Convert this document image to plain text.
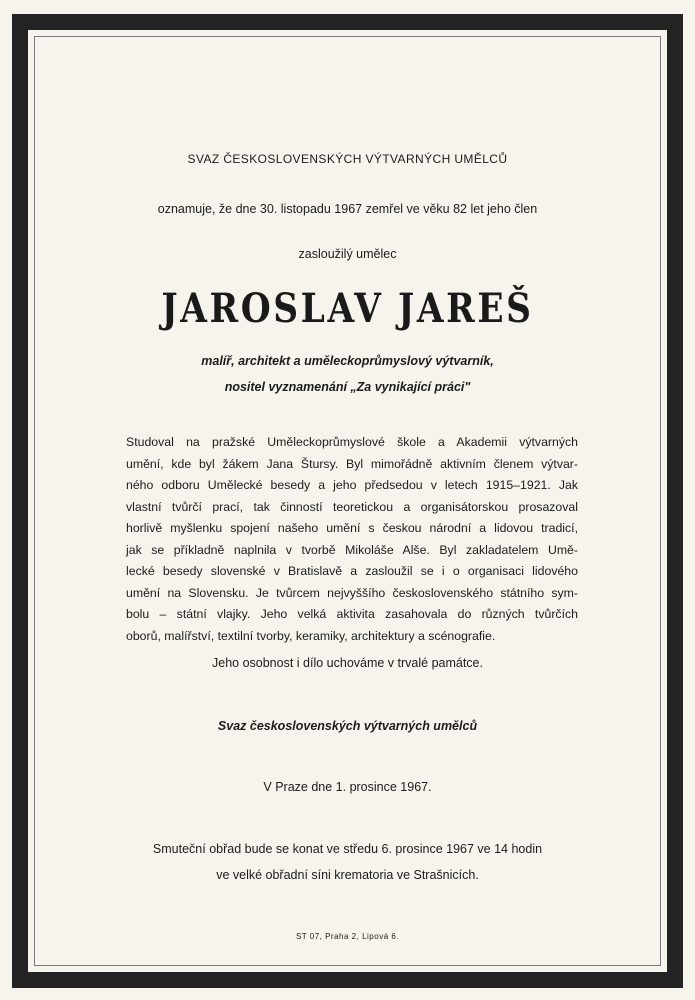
SVAZ ČESKOSLOVENSKÝCH VÝTVARNÝCH UMĚLCŮ
oznamuje, že dne 30. listopadu 1967 zemřel ve věku 82 let jeho člen
zasloužilý umělec
JAROSLAV JAREŠ
malíř, architekt a uměleckoprůmyslový výtvarník,
nositel vyznamenání „Za vynikající práci"
Studoval na pražské Uměleckoprůmyslové škole a Akademii výtvarných
umění, kde byl žákem Jana Štursy. Byl mimořádně aktivním členem výtvar-
ného odboru Umělecké besedy a jeho předsedou v letech 1915–1921. Jak
vlastní tvůrčí prací, tak činností teoretickou a organisátorskou prosazoval
horlivě myšlenku spojení našeho umění s českou národní a lidovou tradicí,
jak se příkladně naplnila v tvorbě Mikoláše Alše. Byl zakladatelem Umě-
lecké besedy slovenské v Bratislavě a zasloužil se i o organisaci lidového
umění na Slovensku. Je tvůrcem nejvyššího československého státního sym-
bolu – státní vlajky. Jeho velká aktivita zasahovala do různých tvůrčích
oborů, malířství, textilní tvorby, keramiky, architektury a scénografie.
Jeho osobnost i dílo uchováme v trvalé památce.
Svaz československých výtvarných umělců
V Praze dne 1. prosince 1967.
Smuteční obřad bude se konat ve středu 6. prosince 1967 ve 14 hodin
ve velké obřadní síni krematoria ve Strašnicích.
ST 07, Praha 2, Lipová 6.
